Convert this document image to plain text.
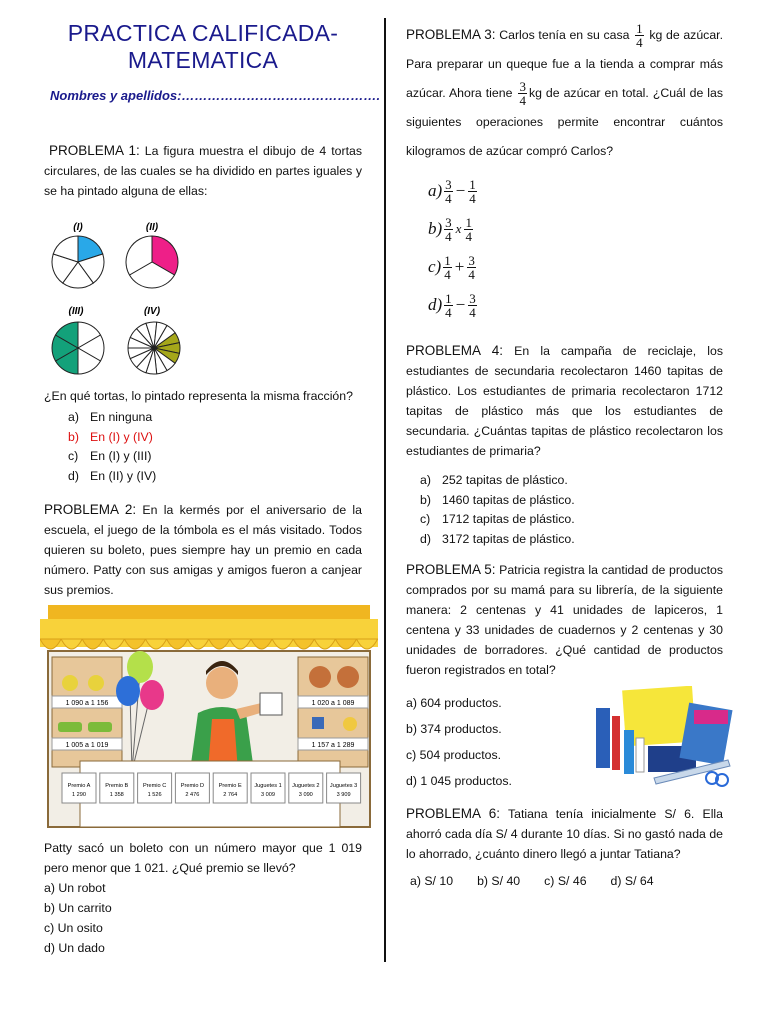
PRACTICA CALIFICADA-MATEMATICA
Nombres y apellidos:……………………………………….

PROBLEMA 1: La figura muestra el dibujo de 4 tortas circulares, de las cuales se ha dividido en partes iguales y se ha pintado alguna de ellas:

(I)	(II)
(III)	(IV)

¿En qué tortas, lo pintado representa la misma fracción?

a) En ninguna
b) En (I) y (IV)
c) En (I) y (III)
d) En (II) y (IV)

PROBLEMA 2: En la kermés por el aniversario de la escuela, el juego de la tómbola es el más visitado. Todos quieren su boleto, pues siempre hay un premio en cada número. Patty con sus amigas y amigos fueron a canjear sus premios.

1 090 a 1 156
1 005 a 1 019
1 020 a 1 089
1 157 a 1 289
Premio A
1 290
Premio B
1 358
Premio C
1 526
Premio D
2 476
Premio E
2 764
Juguetes 1
3 009
Juguetes 2
3 090
Juguetes 3
3 909

Patty sacó un boleto con un número mayor que 1 019 pero menor que 1 021. ¿Qué premio se llevó?

a) Un robot
b) Un carrito
c) Un osito
d) Un dado

PROBLEMA 3: Carlos tenía en su casa $\frac{1}{4}$ kg de azúcar. Para preparar un queque fue a la tienda a comprar más azúcar. Ahora tiene $\frac{3}{4}$ kg de azúcar en total. ¿Cuál de las siguientes operaciones permite encontrar cuántos kilogramos de azúcar compró Carlos?

$a) \frac{3}{4} - \frac{1}{4}$
$b) \frac{3}{4}$ x $\frac{1}{4}$
$c) \frac{1}{4} + \frac{3}{4}$
$d) \frac{1}{4} - \frac{3}{4}$

PROBLEMA 4: En la campaña de reciclaje, los estudiantes de secundaria recolectaron 1460 tapitas de plástico. Los estudiantes de primaria recolectaron 1712 tapitas de plástico más que los estudiantes de secundaria. ¿Cuántas tapitas de plástico recolectaron los estudiantes de primaria?

a) 252 tapitas de plástico.
b) 1460 tapitas de plástico.
c) 1712 tapitas de plástico.
d) 3172 tapitas de plástico.

PROBLEMA 5: Patricia registra la cantidad de productos comprados por su mamá para su librería, de la siguiente manera: 2 centenas y 41 unidades de lapiceros, 1 centena y 33 unidades de cuadernos y 2 centenas y 30 unidades de borradores. ¿Qué cantidad de productos fueron registrados en total?

a) 604 productos.
b) 374 productos.
c) 504 productos.
d) 1 045 productos.

PROBLEMA 6: Tatiana tenía inicialmente S/ 6. Ella ahorró cada día S/ 4 durante 10 días. Si no gastó nada de lo ahorrado, ¿cuánto dinero llegó a juntar Tatiana?

a) S/ 10 b) S/ 40 c) S/ 46 d) S/ 64
